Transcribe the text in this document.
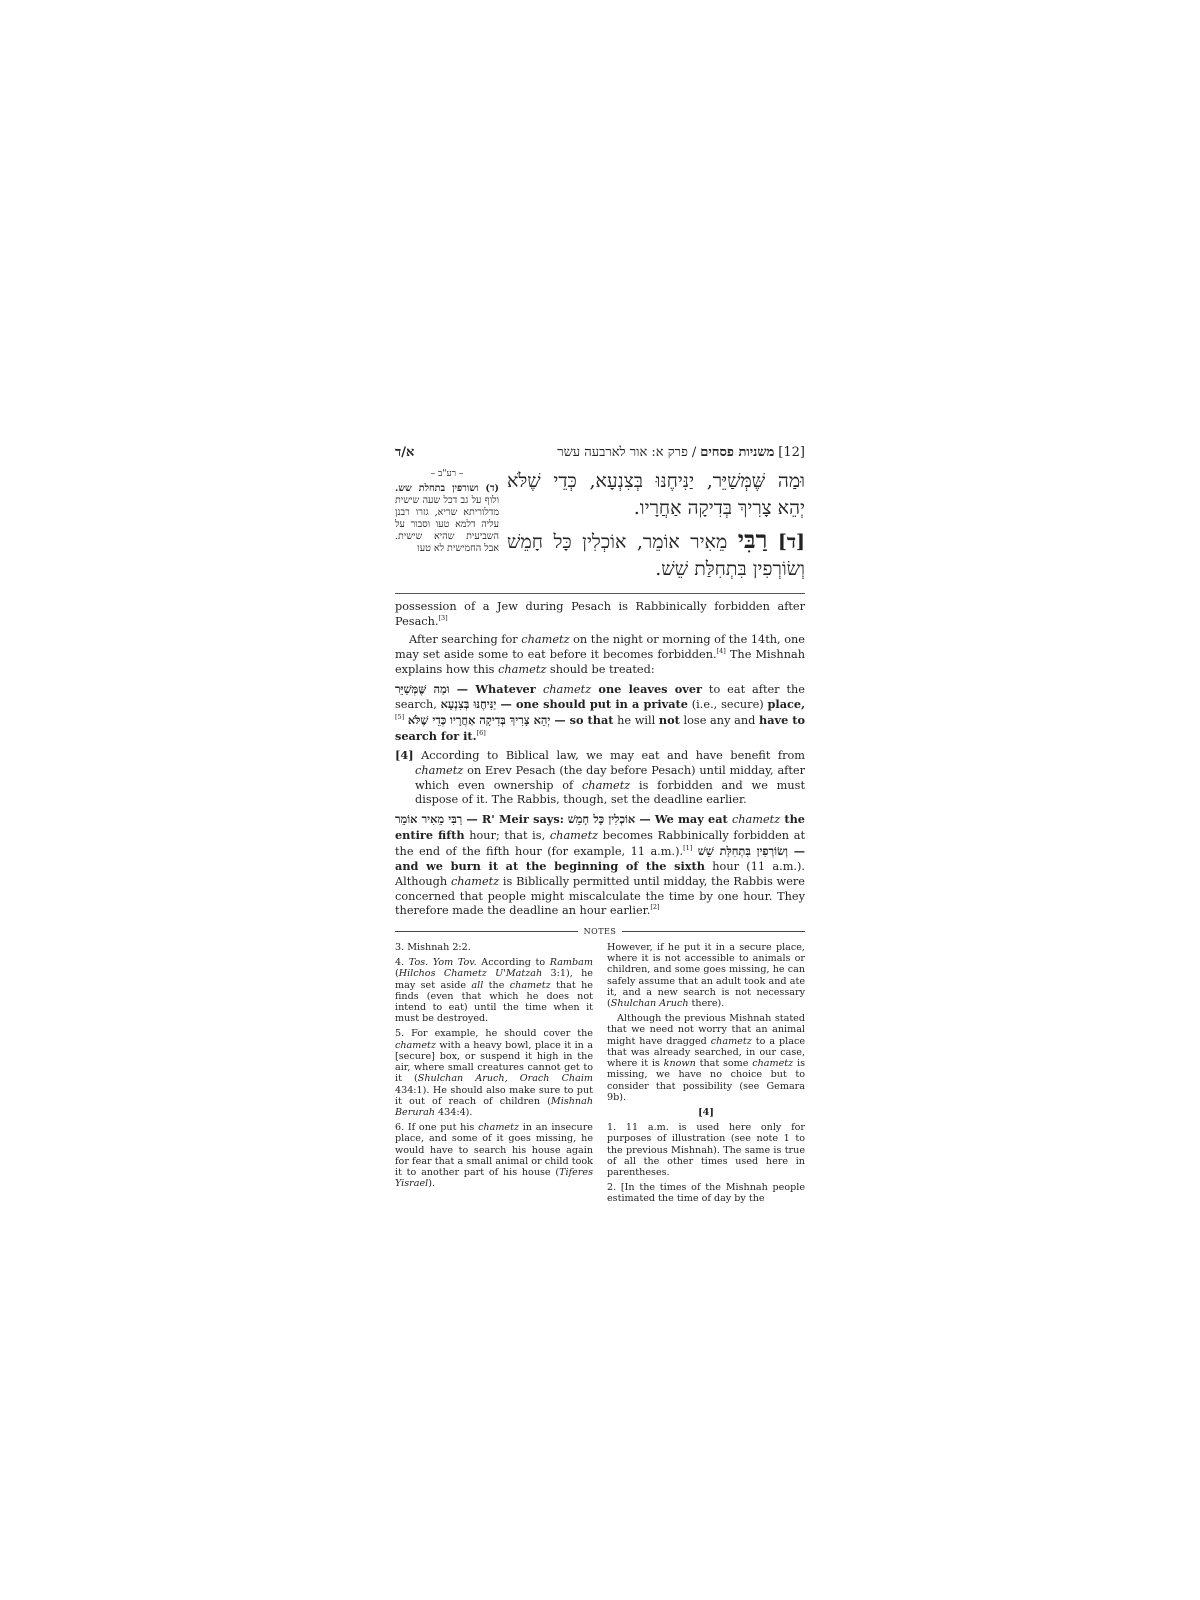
א/ד	[12]
משניות פסחים
/
פרק א: אור לארבעה עשר
– רע"ב –
(ד) ושורפין בתחלת שש. ולוף על גב דכל שעה שישית מדלוריתא שריא, גזרו רבנן עליה דלמא טעו וסבור על השביעית שהיא שישית. אבל החמישית לא טעו

וּמַה שֶּׁמְּשַׁיֵּר, יַנִּיחֶנּוּ בְּצִנְעָא, כְּדֵי שֶׁלֹּא יְהֵא צָרִיךְ בְּדִיקָה אַחֲרָיו.

[ד] רַבִּי מֵאִיר אוֹמֵר, אוֹכְלִין כָּל חָמֵשׁ וְשׂוֹרְפִין בִּתְחִלַּת שֵׁשׁ.

possession of a Jew during Pesach is Rabbinically forbidden after Pesach.[3]

After searching for chametz on the night or morning of the 14th, one may set aside some to eat before it becomes forbidden.[4] The Mishnah explains how this chametz should be treated:

וּמַה שֶּׁמְּשַׁיֵּר — Whatever chametz one leaves over to eat after the search, יַנִּיחֶנּוּ בְּצִנְעָא — one should put in a private (i.e., secure) place,[5] כְּדֵי שֶׁלֹּא יְהֵא צָרִיךְ בְּדִיקָה אַחֲרָיו — so that he will not lose any and have to search for it.[6]

[4] According to Biblical law, we may eat and have benefit from chametz on Erev Pesach (the day before Pesach) until midday, after which even ownership of chametz is forbidden and we must dispose of it. The Rabbis, though, set the deadline earlier.

רַבִּי מֵאִיר אוֹמֵר — R' Meir says: אוֹכְלִין כָּל חָמֵשׁ — We may eat chametz the entire fifth hour; that is, chametz becomes Rabbinically forbidden at the end of the fifth hour (for example, 11 a.m.).[1] וְשׂוֹרְפִין בִּתְחִלַּת שֵׁשׁ — and we burn it at the beginning of the sixth hour (11 a.m.). Although chametz is Biblically permitted until midday, the Rabbis were concerned that people might miscalculate the time by one hour. They therefore made the deadline an hour earlier.[2]

NOTES

3. Mishnah 2:2.

4. Tos. Yom Tov. According to Rambam (Hilchos Chametz U'Matzah 3:1), he may set aside all the chametz that he finds (even that which he does not intend to eat) until the time when it must be destroyed.

5. For example, he should cover the chametz with a heavy bowl, place it in a [secure] box, or suspend it high in the air, where small creatures cannot get to it (Shulchan Aruch, Orach Chaim 434:1). He should also make sure to put it out of reach of children (Mishnah Berurah 434:4).

6. If one put his chametz in an insecure place, and some of it goes missing, he would have to search his house again for fear that a small animal or child took it to another part of his house (Tiferes Yisrael).

However, if he put it in a secure place, where it is not accessible to animals or children, and some goes missing, he can safely assume that an adult took and ate it, and a new search is not necessary (Shulchan Aruch there).

Although the previous Mishnah stated that we need not worry that an animal might have dragged chametz to a place that was already searched, in our case, where it is known that some chametz is missing, we have no choice but to consider that possibility (see Gemara 9b).

[4]

1. 11 a.m. is used here only for purposes of illustration (see note 1 to the previous Mishnah). The same is true of all the other times used here in parentheses.

2. [In the times of the Mishnah people estimated the time of day by the
